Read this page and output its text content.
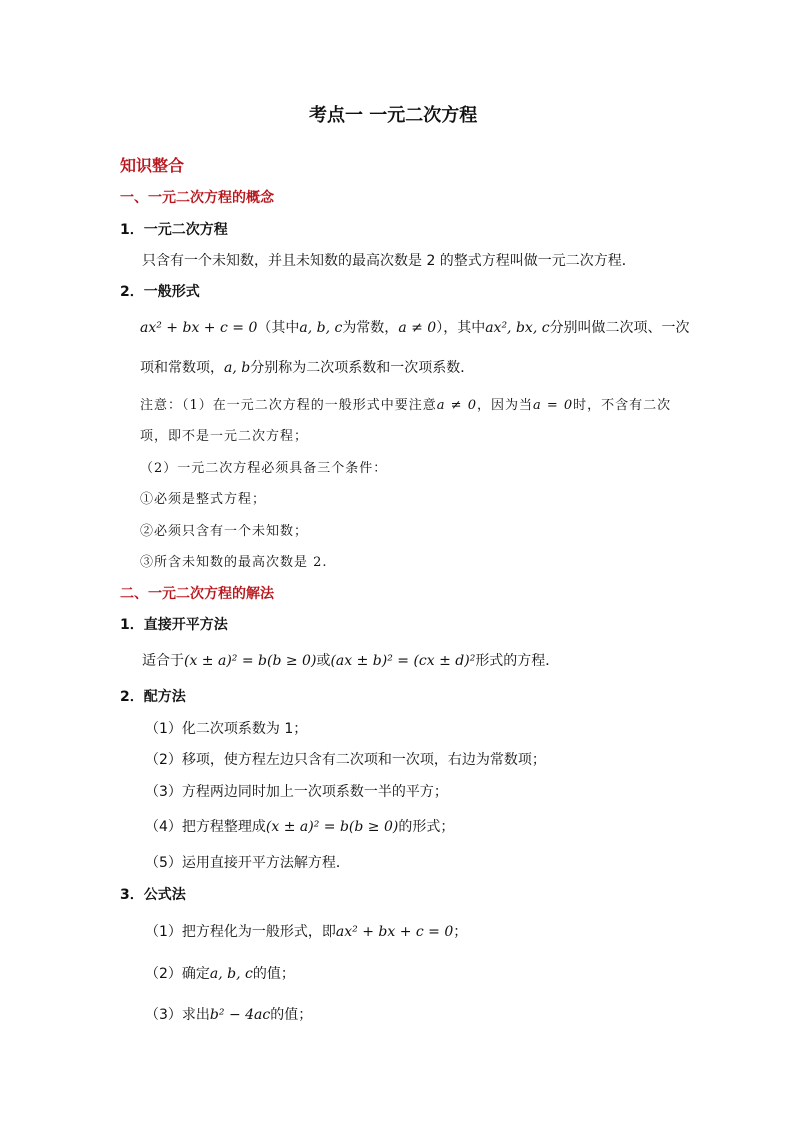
考点一 一元二次方程
知识整合
一、一元二次方程的概念
1．一元二次方程
只含有一个未知数，并且未知数的最高次数是 2 的整式方程叫做一元二次方程．
2．一般形式
ax² + bx + c = 0（其中a, b, c为常数，a ≠ 0），其中ax², bx, c分别叫做二次项、一次
项和常数项，a, b分别称为二次项系数和一次项系数．
注意：（1）在一元二次方程的一般形式中要注意a ≠ 0，因为当a = 0时，不含有二次
项，即不是一元二次方程；
（2）一元二次方程必须具备三个条件：
①必须是整式方程；
②必须只含有一个未知数；
③所含未知数的最高次数是 2.
二、一元二次方程的解法
1．直接开平方法
适合于(x ± a)² = b(b ≥ 0)或(ax ± b)² = (cx ± d)²形式的方程．
2．配方法
（1）化二次项系数为 1；
（2）移项，使方程左边只含有二次项和一次项，右边为常数项；
（3）方程两边同时加上一次项系数一半的平方；
（4）把方程整理成(x ± a)² = b(b ≥ 0)的形式；
（5）运用直接开平方法解方程．
3．公式法
（1）把方程化为一般形式，即ax² + bx + c = 0；
（2）确定a, b, c的值；
（3）求出b² − 4ac的值；
